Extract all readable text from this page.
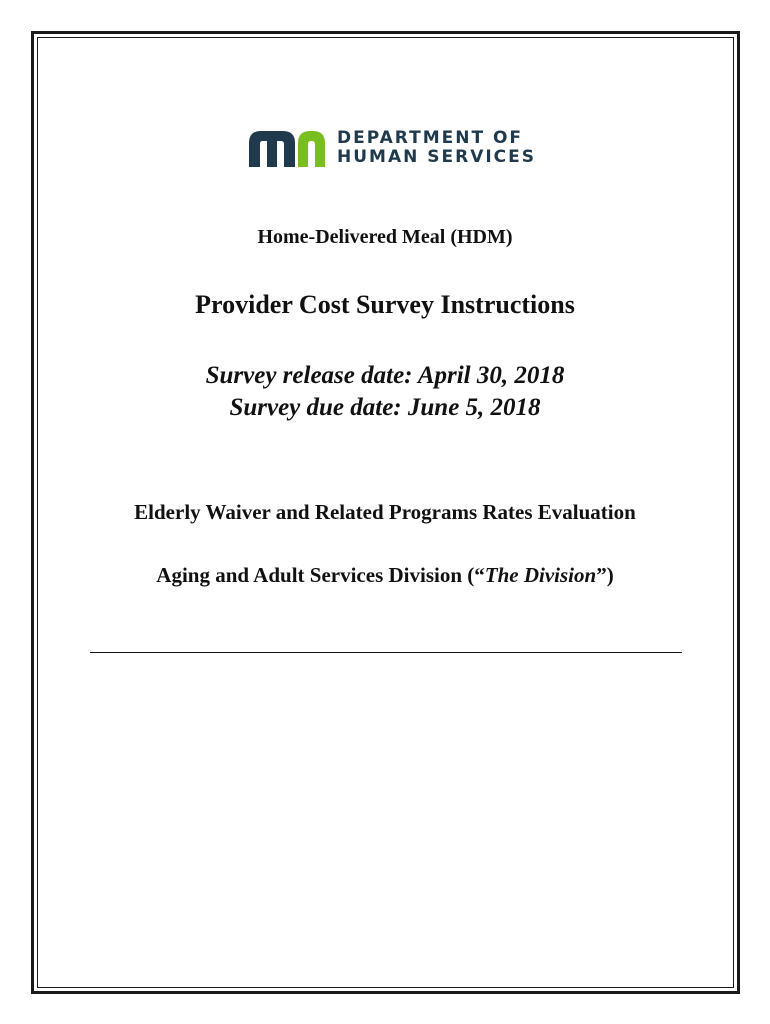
DEPARTMENT OF
HUMAN SERVICES
Home-Delivered Meal (HDM)
Provider Cost Survey Instructions
Survey release date: April 30, 2018
Survey due date: June 5, 2018
Elderly Waiver and Related Programs Rates Evaluation
Aging and Adult Services Division (“The Division”)
